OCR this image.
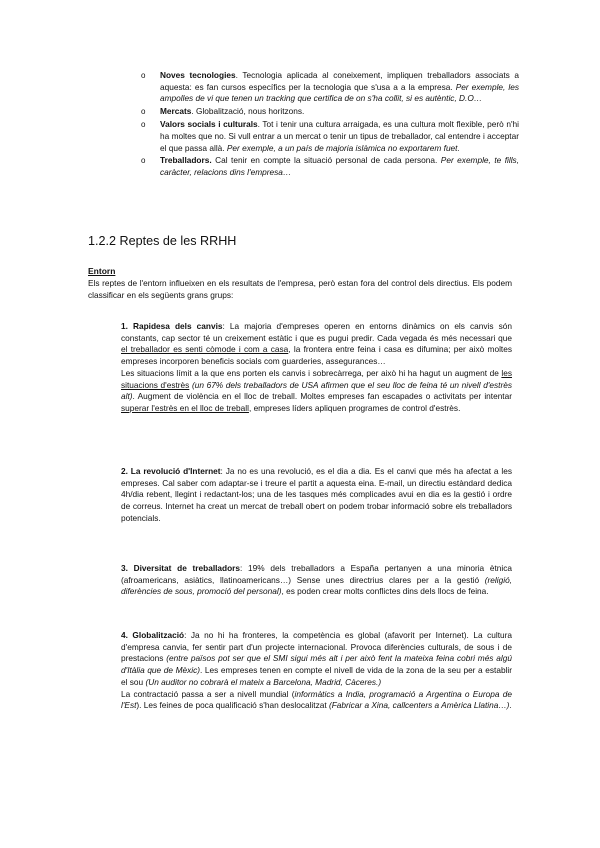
o Noves tecnologies. Tecnologia aplicada al coneixement, impliquen treballadors associats a aquesta: es fan cursos específics per la tecnologia que s'usa a a la empresa. Per exemple, les ampolles de vi que tenen un tracking que certifica de on s'ha collit, si es autèntic, D.O…
o Mercats. Globalització, nous horitzons.
o Valors socials i culturals. Tot i tenir una cultura arraigada, es una cultura molt flexible, però n'hi ha moltes que no. Si vull entrar a un mercat o tenir un tipus de treballador, cal entendre i acceptar el que passa allà. Per exemple, a un país de majoria islàmica no exportarem fuet.
o Treballadors. Cal tenir en compte la situació personal de cada persona. Per exemple, te fills, caràcter, relacions dins l'empresa…
1.2.2 Reptes de les RRHH
Entorn

Els reptes de l'entorn influeixen en els resultats de l'empresa, però estan fora del control dels directius. Els podem classificar en els següents grans grups:

1. Rapidesa dels canvis: La majoria d'empreses operen en entorns dinàmics on els canvis són constants, cap sector té un creixement estàtic i que es pugui predir. Cada vegada és més necessari que el treballador es senti còmode i com a casa, la frontera entre feina i casa es difumina; per això moltes empreses incorporen beneficis socials com guarderies, assegurances…

Les situacions límit a la que ens porten els canvis i sobrecàrrega, per això hi ha hagut un augment de les situacions d'estrès (un 67% dels treballadors de USA afirmen que el seu lloc de feina té un nivell d'estrès alt). Augment de violència en el lloc de treball. Moltes empreses fan escapades o activitats per intentar superar l'estrès en el lloc de treball, empreses líders apliquen programes de control d'estrès.

2. La revolució d'Internet: Ja no es una revolució, es el dia a dia. Es el canvi que més ha afectat a les empreses. Cal saber com adaptar-se i treure el partit a aquesta eina. E-mail, un directiu estàndard dedica 4h/dia rebent, llegint i redactant-los; una de les tasques més complicades avui en dia es la gestió i ordre de correus. Internet ha creat un mercat de treball obert on podem trobar informació sobre els treballadors potencials.

3. Diversitat de treballadors: 19% dels treballadors a España pertanyen a una minoria ètnica (afroamericans, asiàtics, llatinoamericans…) Sense unes directrius clares per a la gestió (religió, diferències de sous, promoció del personal), es poden crear molts conflictes dins dels llocs de feina.

4. Globalització: Ja no hi ha fronteres, la competència es global (afavorit per Internet). La cultura d'empresa canvia, fer sentir part d'un projecte internacional. Provoca diferències culturals, de sous i de prestacions (entre països pot ser que el SMI sigui més alt i per això fent la mateixa feina cobri més algú d'Itàlia que de Mèxic). Les empreses tenen en compte el nivell de vida de la zona de la seu per a establir el sou (Un auditor no cobrarà el mateix a Barcelona, Madrid, Càceres.)

La contractació passa a ser a nivell mundial (informàtics a India, programació a Argentina o Europa de l'Est). Les feines de poca qualificació s'han deslocalitzat (Fabricar a Xina, callcenters a Amèrica Llatina…).
